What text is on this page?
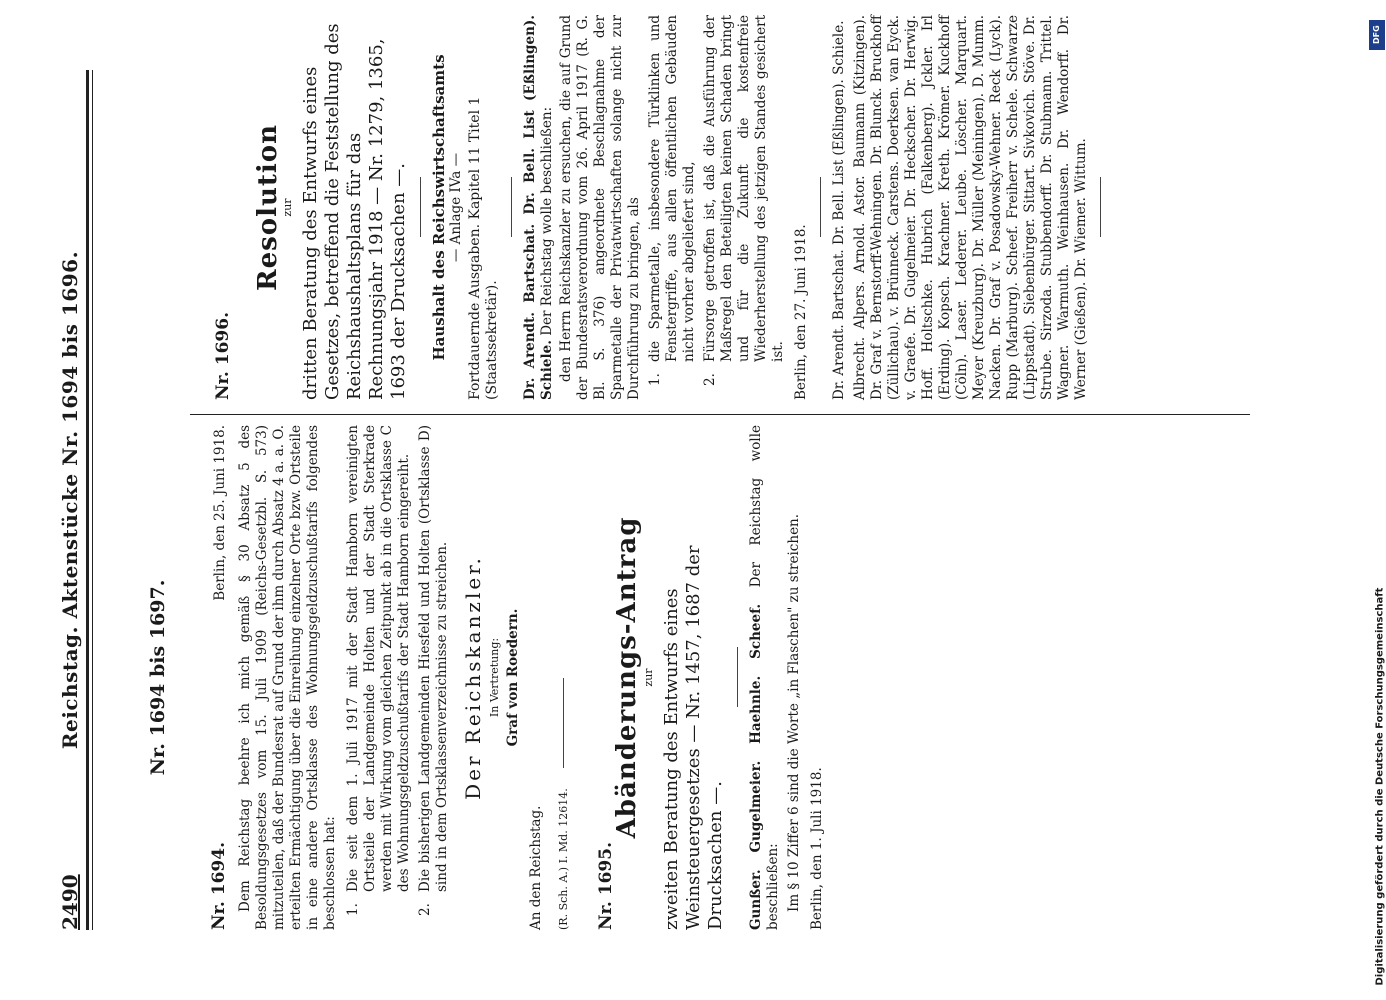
2490
Reichstag. Aktenstücke Nr. 1694 bis 1696.	Nr. 1694 bis 1697.
Nr. 1694.
Berlin, den 25. Juni 1918. Dem Reichstag beehre ich mich gemäß § 30 Absatz 5 des Besoldungsgesetzes vom 15. Juli 1909 (Reichs-Gesetzbl. S. 573) mitzuteilen, daß der Bundesrat auf Grund der ihm durch Absatz 4 a. a. O. erteilten Ermächtigung über die Einreihung einzelner Orte bzw. Ortsteile in eine andere Ortsklasse des Wohnungsgeldzuschußtarifs folgendes beschlossen hat: 1.
Die seit dem 1. Juli 1917 mit der Stadt Hamborn vereinigten Ortsteile der Landgemeinde Holten und der Stadt Sterkrade werden mit Wirkung vom gleichen Zeitpunkt ab in die Ortsklasse C des Wohnungsgeldzuschußtarifs der Stadt Hamborn eingereiht.
2.
Die bisherigen Landgemeinden Hiesfeld und Holten (Ortsklasse D) sind in dem Ortsklassenverzeichnisse zu streichen. Der Reichskanzler. In Vertretung: Graf von Roedern.
An den Reichstag. (R. Sch. A.) I. Md. 12614. Nr. 1695.
Abänderungs-Antrag zur zweiten Beratung des Entwurfs eines Weinsteuergesetzes — Nr. 1457, 1687 der Drucksachen —. Gunßer. Gugelmeier. Haehnle. Scheef. Der Reichstag wolle beschließen: Im § 10 Ziffer 6 sind die Worte „in Flaschen" zu streichen. Berlin, den 1. Juli 1918.
Nr. 1696.
Resolution
zur dritten Beratung des Entwurfs eines Gesetzes, betreffend die Feststellung des Reichshaushaltsplans für das Rechnungsjahr 1918 — Nr. 1279, 1365, 1693 der Drucksachen —. Haushalt des Reichswirtschaftsamts — Anlage IVa — Fortdauernde Ausgaben. Kapitel 11 Titel 1 (Staatssekretär). Dr. Arendt. Bartschat. Dr. Bell. List (Eßlingen). Schiele. Der Reichstag wolle beschließen: den Herrn Reichskanzler zu ersuchen, die auf Grund der Bundesratsverordnung vom 26. April 1917 (R. G. Bl. S. 376) angeordnete Beschlagnahme der Sparmetalle der Privatwirtschaften solange nicht zur Durchführung zu bringen, als 1.
die Sparmetalle, insbesondere Türklinken und Fenstergriffe, aus allen öffentlichen Gebäuden nicht vorher abgeliefert sind,
2.
Fürsorge getroffen ist, daß die Ausführung der Maßregel den Beteiligten keinen Schaden bringt und für die Zukunft die kostenfreie Wiederherstellung des jetzigen Standes gesichert ist. Berlin, den 27. Juni 1918. Dr. Arendt. Bartschat. Dr. Bell. List (Eßlingen). Schiele. Albrecht. Alpers. Arnold. Astor. Baumann (Kitzingen). Dr. Graf v. Bernstorff-Wehningen. Dr. Blunck. Bruckhoff (Züllichau). v. Brünneck. Carstens. Doerksen. van Eyck. v. Graefe. Dr. Gugelmeier. Dr. Heckscher. Dr. Herwig. Hoff. Holtschke. Hubrich (Falkenberg). Jckler. Irl (Erding). Kopsch. Krachner. Kreth. Krömer. Kuckhoff (Cöln). Laser. Lederer. Leube. Löscher. Marquart. Meyer (Kreuzburg). Dr. Müller (Meiningen). D. Mumm. Nacken. Dr. Graf v. Posadowsky-Wehner. Reck (Lyck). Rupp (Marburg). Scheef. Freiherr v. Schele. Schwarze (Lippstadt). Siebenbürger. Sittart. Sivkovich. Stöve. Dr. Strube. Sirzoda. Stubbendorff. Dr. Stubmann. Trittel. Wagner. Warmuth. Weinhausen. Dr. Wendorff. Dr. Werner (Gießen). Dr. Wiemer. Wittum.

DFG
Digitalisierung gefördert durch die Deutsche Forschungsgemeinschaft
